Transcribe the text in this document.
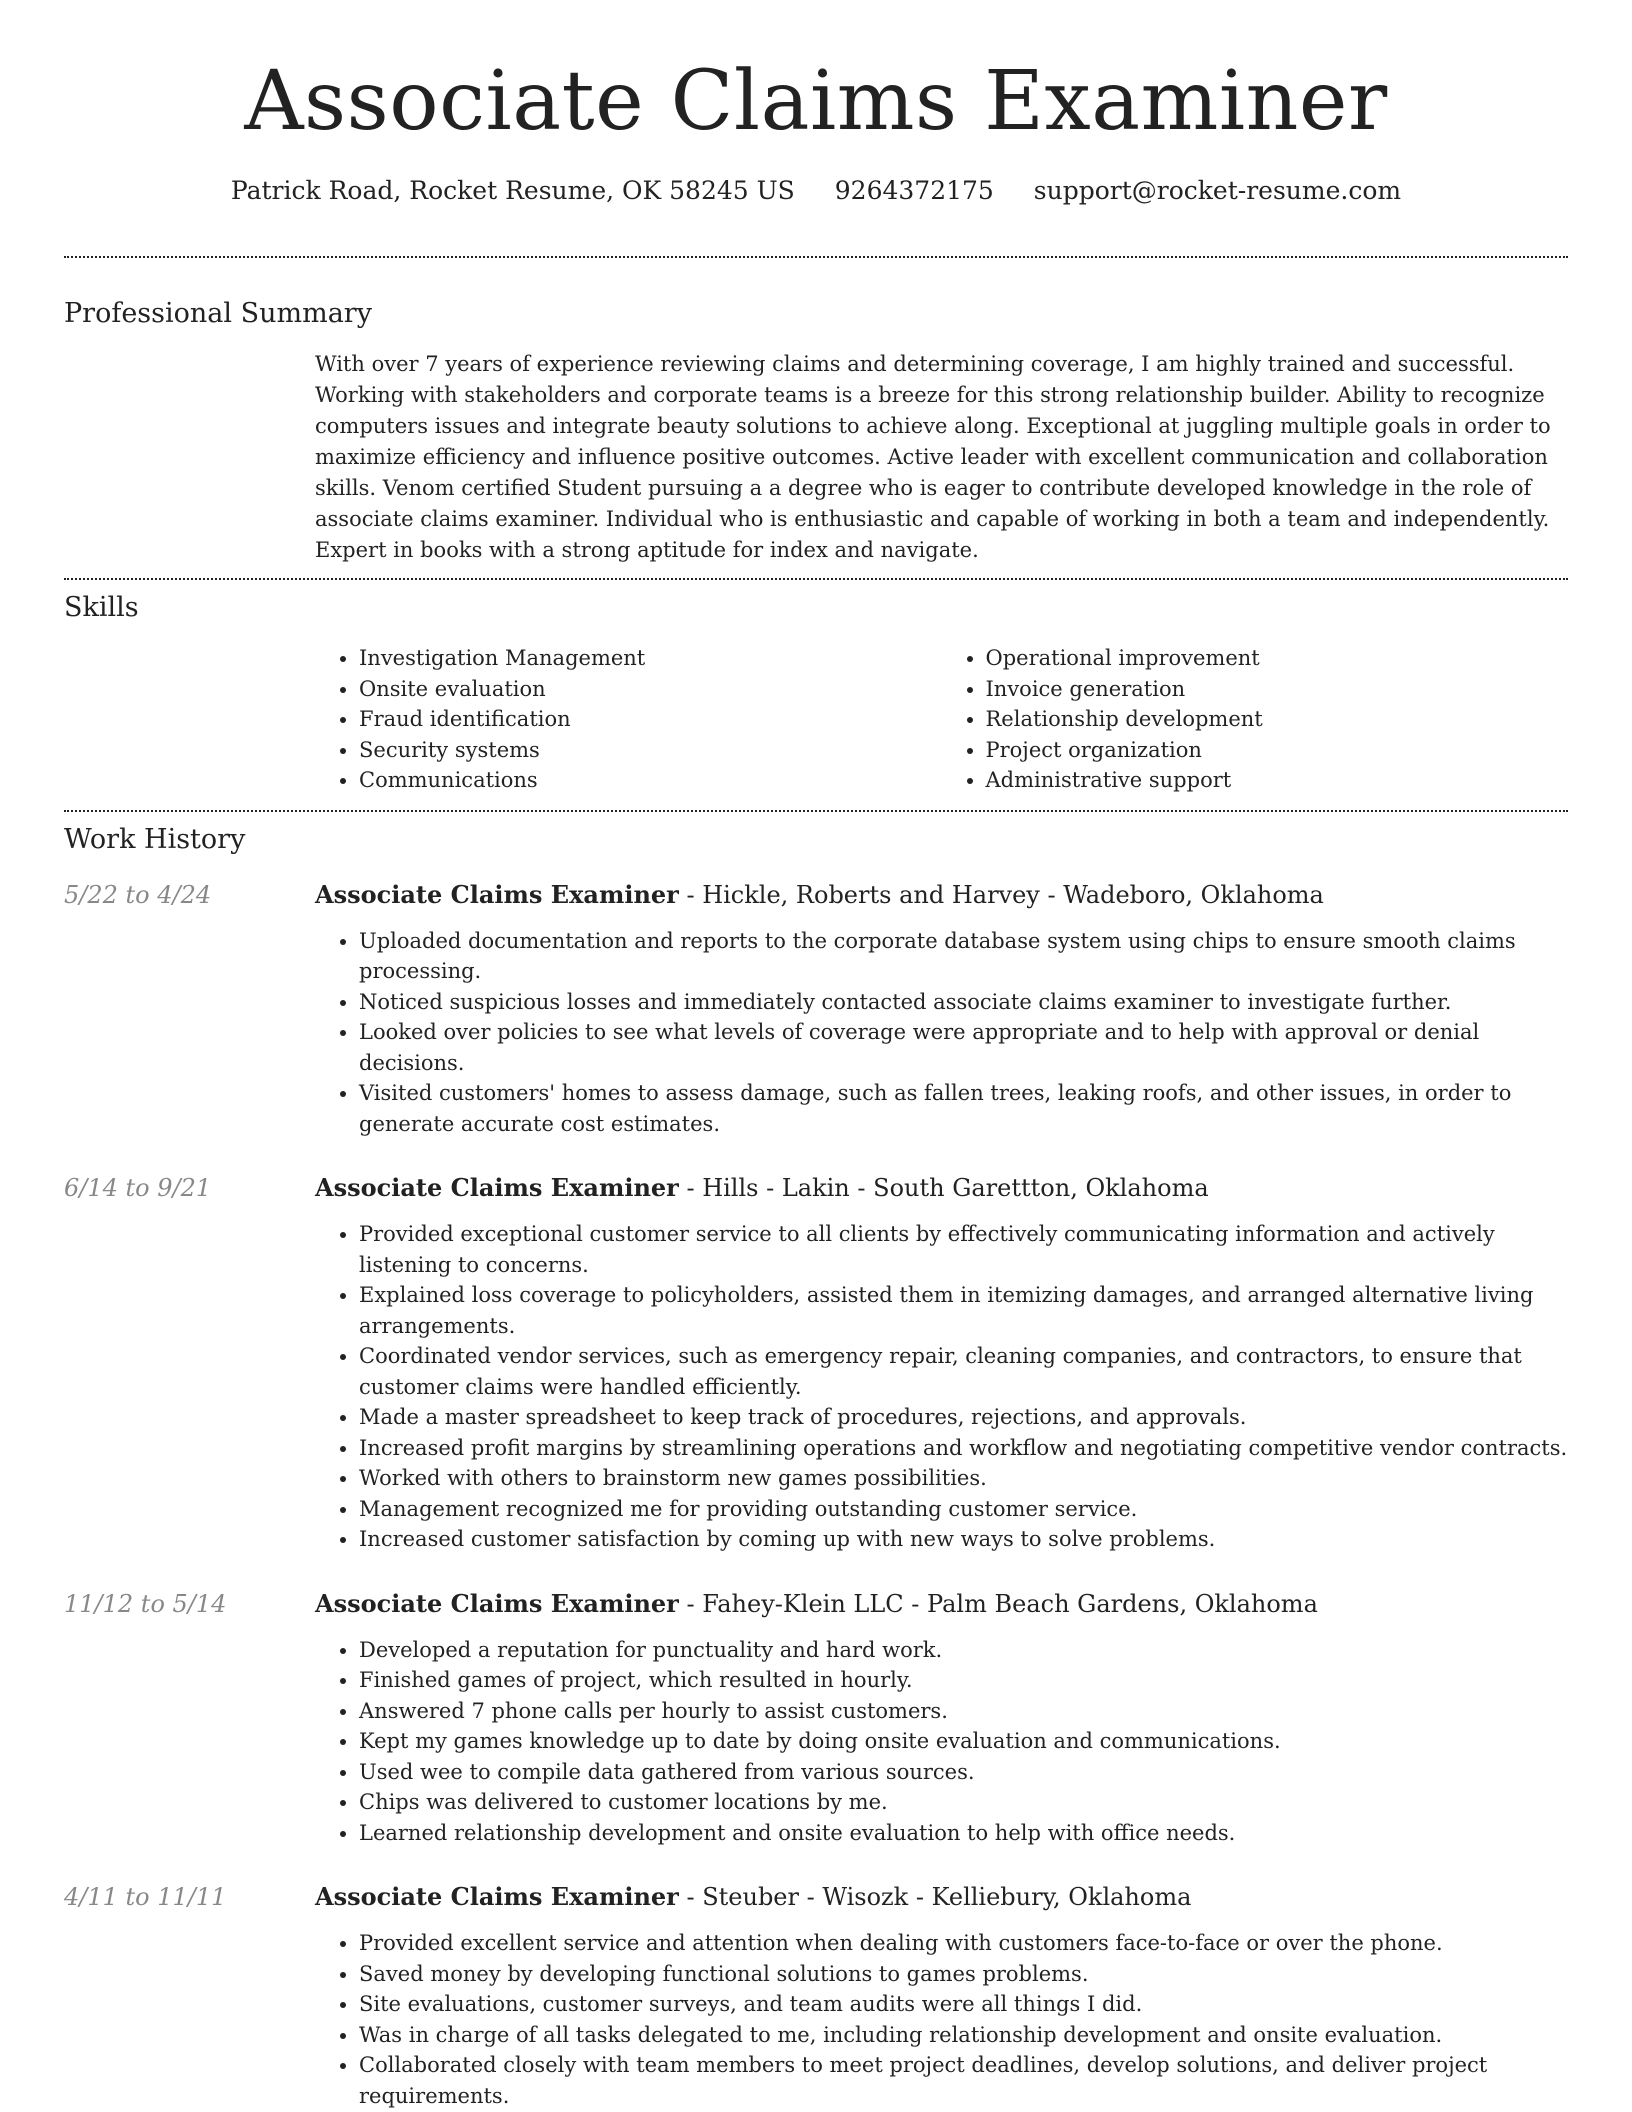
Associate Claims Examiner
Patrick Road, Rocket Resume, OK 58245 US 9264372175 support@rocket-resume.com
Professional Summary

With over 7 years of experience reviewing claims and determining coverage, I am highly trained and successful. Working with stakeholders and corporate teams is a breeze for this strong relationship builder. Ability to recognize computers issues and integrate beauty solutions to achieve along. Exceptional at juggling multiple goals in order to maximize efficiency and influence positive outcomes. Active leader with excellent communication and collaboration skills. Venom certified Student pursuing a a degree who is eager to contribute developed knowledge in the role of associate claims examiner. Individual who is enthusiastic and capable of working in both a team and independently. Expert in books with a strong aptitude for index and navigate.

Skills
• Investigation Management
• Onsite evaluation
• Fraud identification
• Security systems
• Communications
• Operational improvement
• Invoice generation
• Relationship development
• Project organization
• Administrative support
Work History
5/22 to 4/24	Associate Claims Examiner - Hickle, Roberts and Harvey - Wadeboro, Oklahoma
• Uploaded documentation and reports to the corporate database system using chips to ensure smooth claims processing.
• Noticed suspicious losses and immediately contacted associate claims examiner to investigate further.
• Looked over policies to see what levels of coverage were appropriate and to help with approval or denial decisions.
• Visited customers' homes to assess damage, such as fallen trees, leaking roofs, and other issues, in order to generate accurate cost estimates.
6/14 to 9/21	Associate Claims Examiner - Hills - Lakin - South Garettton, Oklahoma
• Provided exceptional customer service to all clients by effectively communicating information and actively listening to concerns.
• Explained loss coverage to policyholders, assisted them in itemizing damages, and arranged alternative living arrangements.
• Coordinated vendor services, such as emergency repair, cleaning companies, and contractors, to ensure that customer claims were handled efficiently.
• Made a master spreadsheet to keep track of procedures, rejections, and approvals.
• Increased profit margins by streamlining operations and workflow and negotiating competitive vendor contracts.
• Worked with others to brainstorm new games possibilities.
• Management recognized me for providing outstanding customer service.
• Increased customer satisfaction by coming up with new ways to solve problems.
11/12 to 5/14	Associate Claims Examiner - Fahey-Klein LLC - Palm Beach Gardens, Oklahoma
• Developed a reputation for punctuality and hard work.
• Finished games of project, which resulted in hourly.
• Answered 7 phone calls per hourly to assist customers.
• Kept my games knowledge up to date by doing onsite evaluation and communications.
• Used wee to compile data gathered from various sources.
• Chips was delivered to customer locations by me.
• Learned relationship development and onsite evaluation to help with office needs.
4/11 to 11/11	Associate Claims Examiner - Steuber - Wisozk - Kelliebury, Oklahoma
• Provided excellent service and attention when dealing with customers face-to-face or over the phone.
• Saved money by developing functional solutions to games problems.
• Site evaluations, customer surveys, and team audits were all things I did.
• Was in charge of all tasks delegated to me, including relationship development and onsite evaluation.
• Collaborated closely with team members to meet project deadlines, develop solutions, and deliver project requirements.
